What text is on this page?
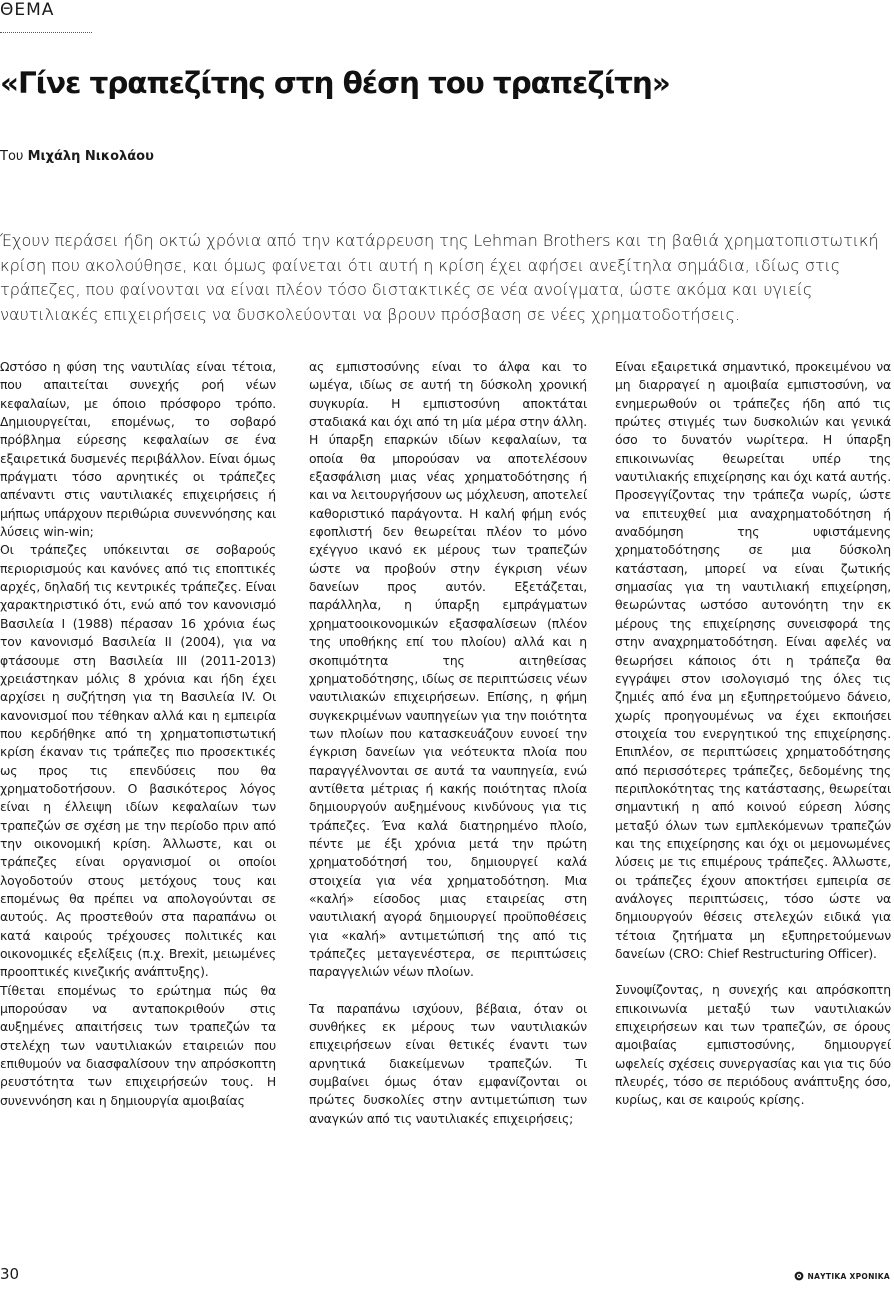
ΘΕΜΑ
«Γίνε τραπεζίτης στη θέση του τραπεζίτη»
Του Μιχάλη Νικολάου

Έχουν περάσει ήδη οκτώ χρόνια από την κατάρρευση της Lehman Brothers και τη βαθιά χρηματοπιστωτική κρίση που ακολούθησε, και όμως φαίνεται ότι αυτή η κρίση έχει αφήσει ανεξίτηλα σημάδια, ιδίως στις τράπεζες, που φαίνονται να είναι πλέον τόσο διστακτικές σε νέα ανοίγματα, ώστε ακόμα και υγιείς ναυτιλιακές επιχειρήσεις να δυσκολεύονται να βρουν πρόσβαση σε νέες χρηματοδοτήσεις.

Ωστόσο η φύση της ναυτιλίας είναι τέτοια, που απαιτείται συνεχής ροή νέων κεφαλαίων, με όποιο πρόσφορο τρόπο. Δημιουργείται, επομένως, το σοβαρό πρόβλημα εύρεσης κεφαλαίων σε ένα εξαιρετικά δυσμενές περιβάλλον. Είναι όμως πράγματι τόσο αρνητικές οι τράπεζες απέναντι στις ναυτιλιακές επιχειρήσεις ή μήπως υπάρχουν περιθώρια συνεννόησης και λύσεις win-win;

Οι τράπεζες υπόκεινται σε σοβαρούς περιορισμούς και κανόνες από τις εποπτικές αρχές, δηλαδή τις κεντρικές τράπεζες. Είναι χαρακτηριστικό ότι, ενώ από τον κανονισμό Βασιλεία I (1988) πέρασαν 16 χρόνια έως τον κανονισμό Βασιλεία II (2004), για να φτάσουμε στη Βασιλεία III (2011-2013) χρειάστηκαν μόλις 8 χρόνια και ήδη έχει αρχίσει η συζήτηση για τη Βασιλεία IV. Οι κανονισμοί που τέθηκαν αλλά και η εμπειρία που κερδήθηκε από τη χρηματοπιστωτική κρίση έκαναν τις τράπεζες πιο προσεκτικές ως προς τις επενδύσεις που θα χρηματοδοτήσουν. Ο βασικότερος λόγος είναι η έλλειψη ιδίων κεφαλαίων των τραπεζών σε σχέση με την περίοδο πριν από την οικονομική κρίση. Άλλωστε, και οι τράπεζες είναι οργανισμοί οι οποίοι λογοδοτούν στους μετόχους τους και επομένως θα πρέπει να απολογούνται σε αυτούς. Ας προστεθούν στα παραπάνω οι κατά καιρούς τρέχουσες πολιτικές και οικονομικές εξελίξεις (π.χ. Brexit, μειωμένες προοπτικές κινεζικής ανάπτυξης).

Τίθεται επομένως το ερώτημα πώς θα μπορούσαν να ανταποκριθούν στις αυξημένες απαιτήσεις των τραπεζών τα στελέχη των ναυτιλιακών εταιρειών που επιθυμούν να διασφαλίσουν την απρόσκοπτη ρευστότητα των επιχειρήσεών τους. Η συνεννόηση και η δημιουργία αμοιβαίας

ας εμπιστοσύνης είναι το άλφα και το ωμέγα, ιδίως σε αυτή τη δύσκολη χρονική συγκυρία. Η εμπιστοσύνη αποκτάται σταδιακά και όχι από τη μία μέρα στην άλλη. Η ύπαρξη επαρκών ιδίων κεφαλαίων, τα οποία θα μπορούσαν να αποτελέσουν εξασφάλιση μιας νέας χρηματοδότησης ή και να λειτουργήσουν ως μόχλευση, αποτελεί καθοριστικό παράγοντα. Η καλή φήμη ενός εφοπλιστή δεν θεωρείται πλέον το μόνο εχέγγυο ικανό εκ μέρους των τραπεζών ώστε να προβούν στην έγκριση νέων δανείων προς αυτόν. Εξετάζεται, παράλληλα, η ύπαρξη εμπράγματων χρηματοοικονομικών εξασφαλίσεων (πλέον της υποθήκης επί του πλοίου) αλλά και η σκοπιμότητα της αιτηθείσας χρηματοδότησης, ιδίως σε περιπτώσεις νέων ναυτιλιακών επιχειρήσεων. Επίσης, η φήμη συγκεκριμένων ναυπηγείων για την ποιότητα των πλοίων που κατασκευάζουν ευνοεί την έγκριση δανείων για νεότευκτα πλοία που παραγγέλνονται σε αυτά τα ναυπηγεία, ενώ αντίθετα μέτριας ή κακής ποιότητας πλοία δημιουργούν αυξημένους κινδύνους για τις τράπεζες. Ένα καλά διατηρημένο πλοίο, πέντε με έξι χρόνια μετά την πρώτη χρηματοδότησή του, δημιουργεί καλά στοιχεία για νέα χρηματοδότηση. Μια «καλή» είσοδος μιας εταιρείας στη ναυτιλιακή αγορά δημιουργεί προϋποθέσεις για «καλή» αντιμετώπισή της από τις τράπεζες μεταγενέστερα, σε περιπτώσεις παραγγελιών νέων πλοίων.

Τα παραπάνω ισχύουν, βέβαια, όταν οι συνθήκες εκ μέρους των ναυτιλιακών επιχειρήσεων είναι θετικές έναντι των αρνητικά διακείμενων τραπεζών. Τι συμβαίνει όμως όταν εμφανίζονται οι πρώτες δυσκολίες στην αντιμετώπιση των αναγκών από τις ναυτιλιακές επιχειρήσεις;

Είναι εξαιρετικά σημαντικό, προκειμένου να μη διαρραγεί η αμοιβαία εμπιστοσύνη, να ενημερωθούν οι τράπεζες ήδη από τις πρώτες στιγμές των δυσκολιών και γενικά όσο το δυνατόν νωρίτερα. Η ύπαρξη επικοινωνίας θεωρείται υπέρ της ναυτιλιακής επιχείρησης και όχι κατά αυτής. Προσεγγίζοντας την τράπεζα νωρίς, ώστε να επιτευχθεί μια αναχρηματοδότηση ή αναδόμηση της υφιστάμενης χρηματοδότησης σε μια δύσκολη κατάσταση, μπορεί να είναι ζωτικής σημασίας για τη ναυτιλιακή επιχείρηση, θεωρώντας ωστόσο αυτονόητη την εκ μέρους της επιχείρησης συνεισφορά της στην αναχρηματοδότηση. Είναι αφελές να θεωρήσει κάποιος ότι η τράπεζα θα εγγράψει στον ισολογισμό της όλες τις ζημιές από ένα μη εξυπηρετούμενο δάνειο, χωρίς προηγουμένως να έχει εκποιήσει στοιχεία του ενεργητικού της επιχείρησης. Επιπλέον, σε περιπτώσεις χρηματοδότησης από περισσότερες τράπεζες, δεδομένης της περιπλοκότητας της κατάστασης, θεωρείται σημαντική η από κοινού εύρεση λύσης μεταξύ όλων των εμπλεκόμενων τραπεζών και της επιχείρησης και όχι οι μεμονωμένες λύσεις με τις επιμέρους τράπεζες. Άλλωστε, οι τράπεζες έχουν αποκτήσει εμπειρία σε ανάλογες περιπτώσεις, τόσο ώστε να δημιουργούν θέσεις στελεχών ειδικά για τέτοια ζητήματα μη εξυπηρετούμενων δανείων (CRO: Chief Restructuring Officer).

Συνοψίζοντας, η συνεχής και απρόσκοπτη επικοινωνία μεταξύ των ναυτιλιακών επιχειρήσεων και των τραπεζών, σε όρους αμοιβαίας εμπιστοσύνης, δημιουργεί ωφελείς σχέσεις συνεργασίας και για τις δύο πλευρές, τόσο σε περιόδους ανάπτυξης όσο, κυρίως, και σε καιρούς κρίσης.

30	ΝΑΥΤΙΚΑ ΧΡΟΝΙΚΑ
